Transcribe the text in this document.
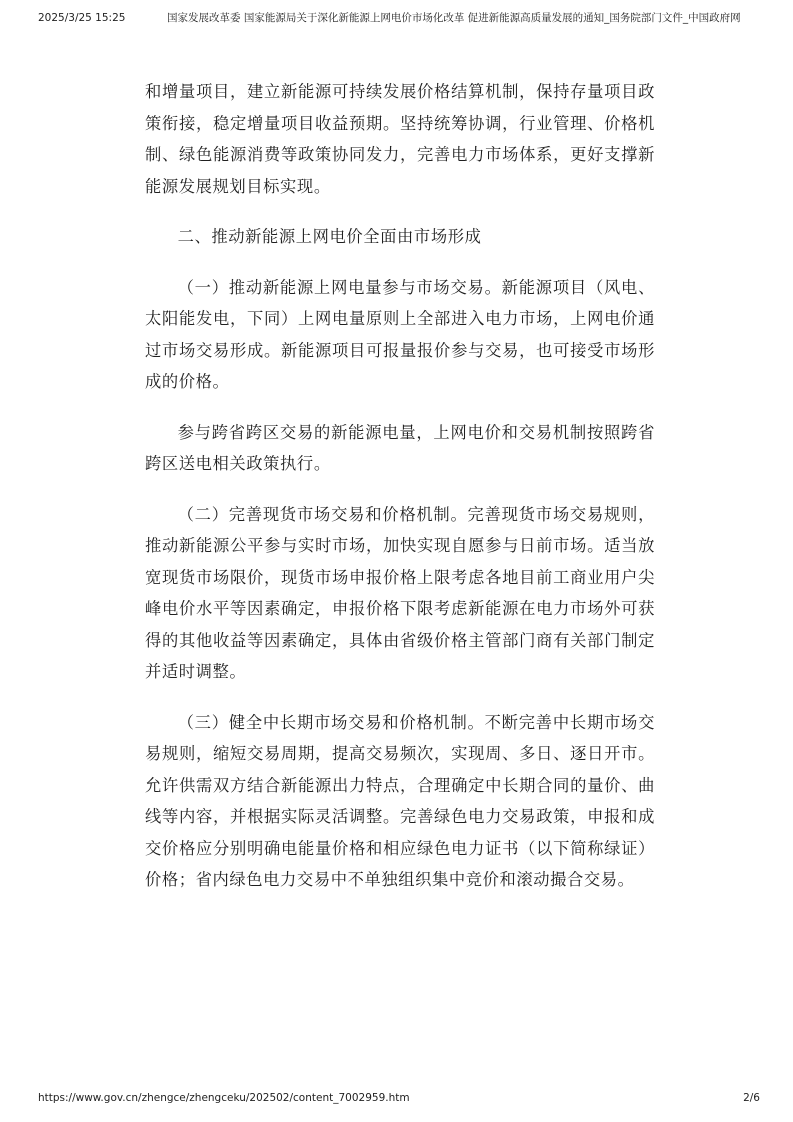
2025/3/25 15:25	国家发展改革委 国家能源局关于深化新能源上网电价市场化改革 促进新能源高质量发展的通知_国务院部门文件_中国政府网

和增量项目，建立新能源可持续发展价格结算机制，保持存量项目政策衔接，稳定增量项目收益预期。坚持统筹协调，行业管理、价格机制、绿色能源消费等政策协同发力，完善电力市场体系，更好支撑新能源发展规划目标实现。

二、推动新能源上网电价全面由市场形成

（一）推动新能源上网电量参与市场交易。新能源项目（风电、太阳能发电，下同）上网电量原则上全部进入电力市场，上网电价通过市场交易形成。新能源项目可报量报价参与交易，也可接受市场形成的价格。

参与跨省跨区交易的新能源电量，上网电价和交易机制按照跨省跨区送电相关政策执行。

（二）完善现货市场交易和价格机制。完善现货市场交易规则，推动新能源公平参与实时市场，加快实现自愿参与日前市场。适当放宽现货市场限价，现货市场申报价格上限考虑各地目前工商业用户尖峰电价水平等因素确定，申报价格下限考虑新能源在电力市场外可获得的其他收益等因素确定，具体由省级价格主管部门商有关部门制定并适时调整。

（三）健全中长期市场交易和价格机制。不断完善中长期市场交易规则，缩短交易周期，提高交易频次，实现周、多日、逐日开市。允许供需双方结合新能源出力特点，合理确定中长期合同的量价、曲线等内容，并根据实际灵活调整。完善绿色电力交易政策，申报和成交价格应分别明确电能量价格和相应绿色电力证书（以下简称绿证）价格；省内绿色电力交易中不单独组织集中竞价和滚动撮合交易。

https://www.gov.cn/zhengce/zhengceku/202502/content_7002959.htm	2/6
